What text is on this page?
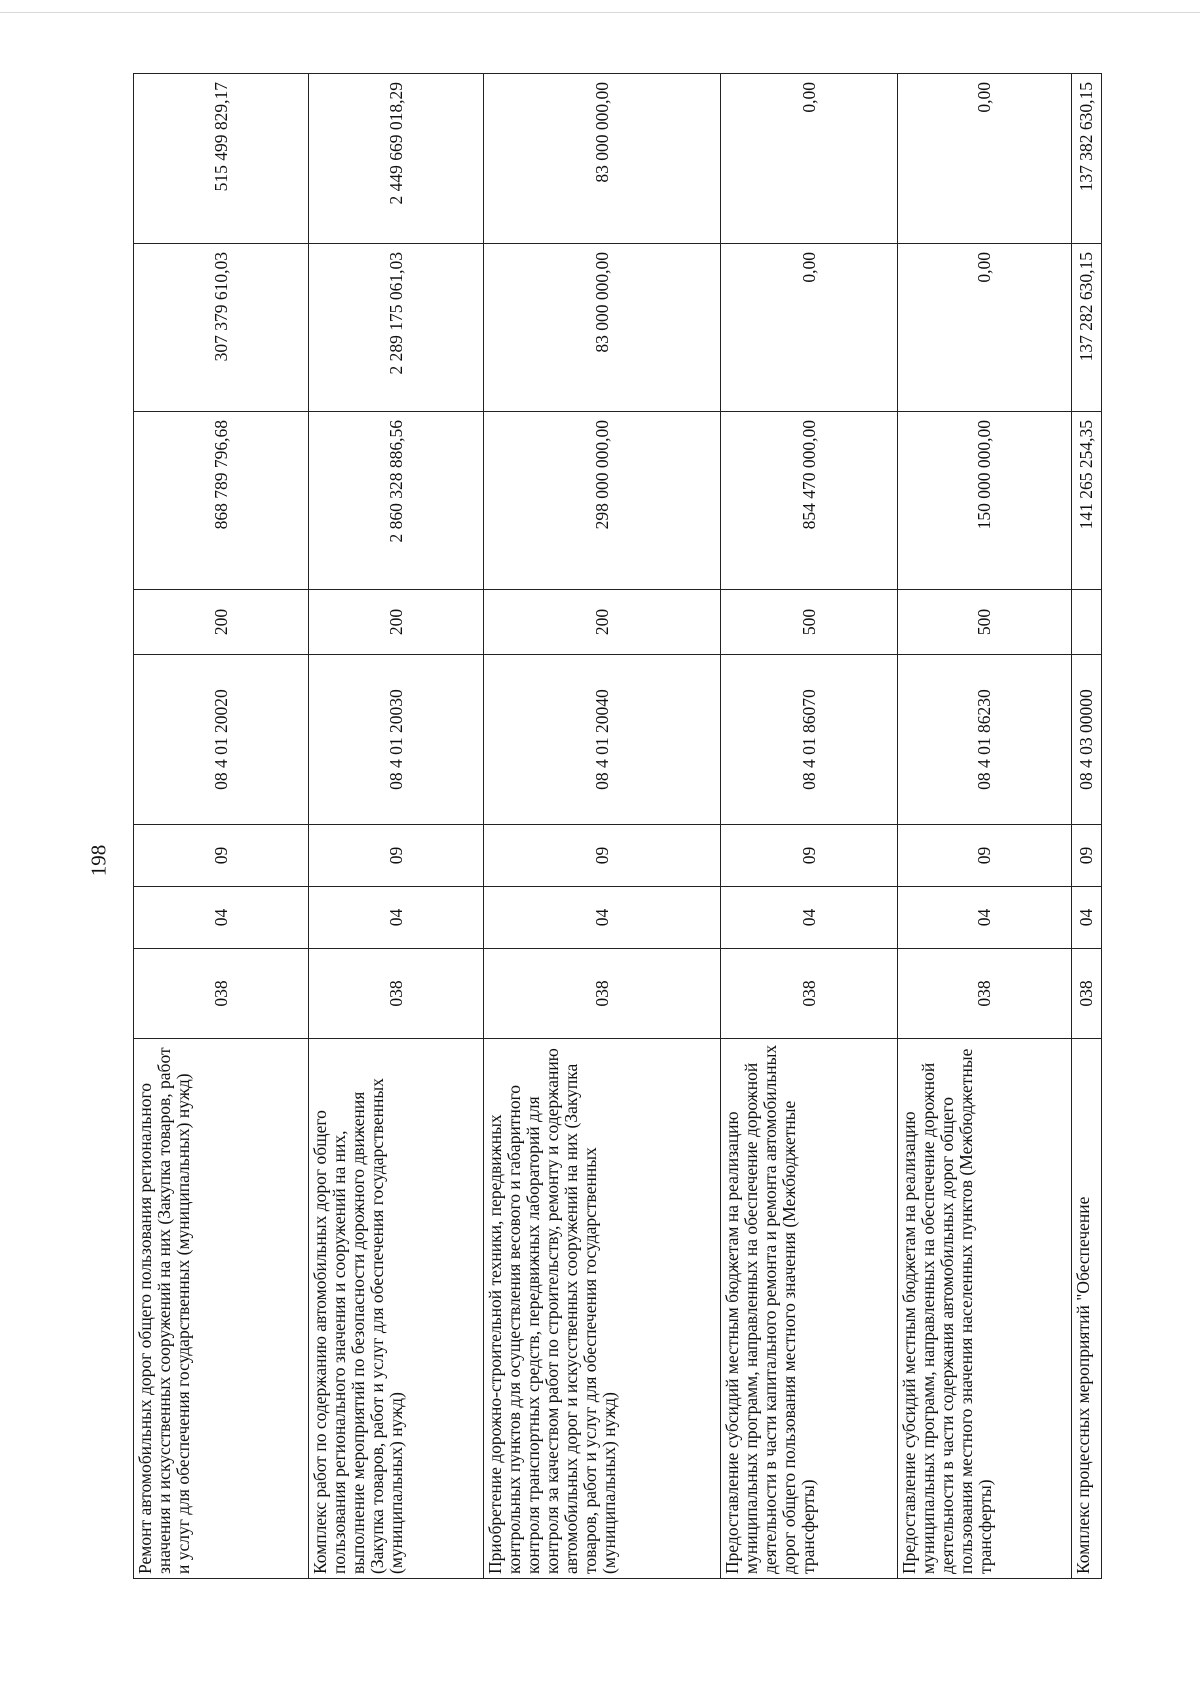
198
Ремонт автомобильных дорог общего пользования регионального значения и искусственных сооружений на них (Закупка товаров, работ и услуг для обеспечения государственных (муниципальных) нужд)	038	04	09	08 4 01 20020	200	868 789 796,68	307 379 610,03	515 499 829,17
Комплекс работ по содержанию автомобильных дорог общего пользования регионального значения и сооружений на них, выполнение мероприятий по безопасности дорожного движения (Закупка товаров, работ и услуг для обеспечения государственных (муниципальных) нужд)	038	04	09	08 4 01 20030	200	2 860 328 886,56	2 289 175 061,03	2 449 669 018,29
Приобретение дорожно-строительной техники, передвижных контрольных пунктов для осуществления весового и габаритного контроля транспортных средств, передвижных лабораторий для контроля за качеством работ по строительству, ремонту и содержанию автомобильных дорог и искусственных сооружений на них (Закупка товаров, работ и услуг для обеспечения государственных (муниципальных) нужд)	038	04	09	08 4 01 20040	200	298 000 000,00	83 000 000,00	83 000 000,00
Предоставление субсидий местным бюджетам на реализацию муниципальных программ, направленных на обеспечение дорожной деятельности в части капитального ремонта и ремонта автомобильных дорог общего пользования местного значения (Межбюджетные трансферты)	038	04	09	08 4 01 86070	500	854 470 000,00	0,00	0,00
Предоставление субсидий местным бюджетам на реализацию муниципальных программ, направленных на обеспечение дорожной деятельности в части содержания автомобильных дорог общего пользования местного значения населенных пунктов (Межбюджетные трансферты)	038	04	09	08 4 01 86230	500	150 000 000,00	0,00	0,00
Комплекс процессных мероприятий "Обеспечение	038	04	09	08 4 03 00000		141 265 254,35	137 282 630,15	137 382 630,15
